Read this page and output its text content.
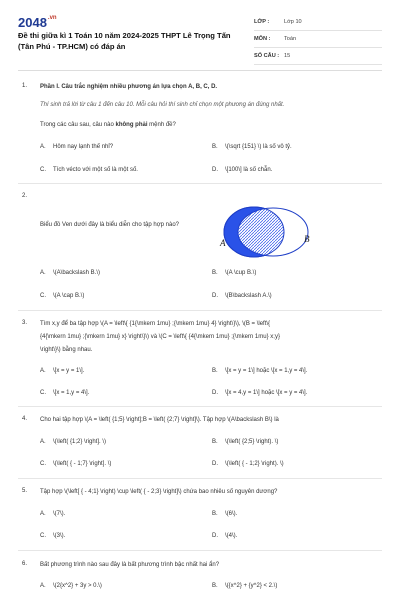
$2048^{.vn}$
Đề thi giữa kì 1 Toán 10 năm 2024-2025 THPT Lê Trọng Tấn (Tân Phú - TP.HCM) có đáp án
LỚP :	Lớp 10
MÔN :	Toán
SỐ CÂU : 15
1. Phần I. Câu trắc nghiệm nhiều phương án lựa chọn A, B, C, D.
Thí sinh trả lời từ câu 1 đến câu 10. Mỗi câu hỏi thí sinh chỉ chọn một phương án đúng nhất.
Trong các câu sau, câu nào không phải mệnh đề?
A. Hôm nay lạnh thế nhỉ?	B. \(\sqrt {151} \) là số vô tỷ.
C. Tích vécto với một số là một số.	D. \[100\] là số chẵn.
2.
Biểu đồ Ven dưới đây là biểu diễn cho tập hợp nào?
A	B
A. \(A\backslash B.\)	B. \(A \cup B.\)
C. \(A \cap B.\)	D. \(B\backslash A.\)
3. Tìm x,y để ba tập hợp \(A = \left\{ {1{\mkern 1mu} ;{\mkern 1mu} 4} \right\}\), \(B = \left\{
{4{\mkern 1mu} ;{\mkern 1mu} x} \right\}\) và \(C = \left\{ {4{\mkern 1mu} ;{\mkern 1mu} x;y}
\right\}\) bằng nhau.
A. \[x = y = 1\].	B. \[x = y = 1\] hoặc \[x = 1,y = 4\].
C. \[x = 1,y = 4\].	D. \[x = 4,y = 1\] hoặc \[x = y = 4\].
4. Cho hai tập hợp \(A = \left( {1;5} \right];B = \left( {2;7} \right]\). Tập hợp \(A\backslash B\) là
A. \(\left( {1;2} \right]. \)	B. \(\left( {2;5} \right). \)
C. \(\left( { - 1;7} \right]. \)	D. \(\left( { - 1;2} \right). \)
5. Tập hợp \(\left[ { - 4;1} \right) \cup \left( { - 2;3} \right]\) chứa bao nhiêu số nguyên dương?
A. \(7\).	B. \(6\).
C. \(3\).	D. \(4\).
6. Bất phương trình nào sau đây là bất phương trình bậc nhất hai ẩn?
A. \(2{x^2} + 3y > 0.\)	B. \({x^2} + {y^2} < 2.\)
